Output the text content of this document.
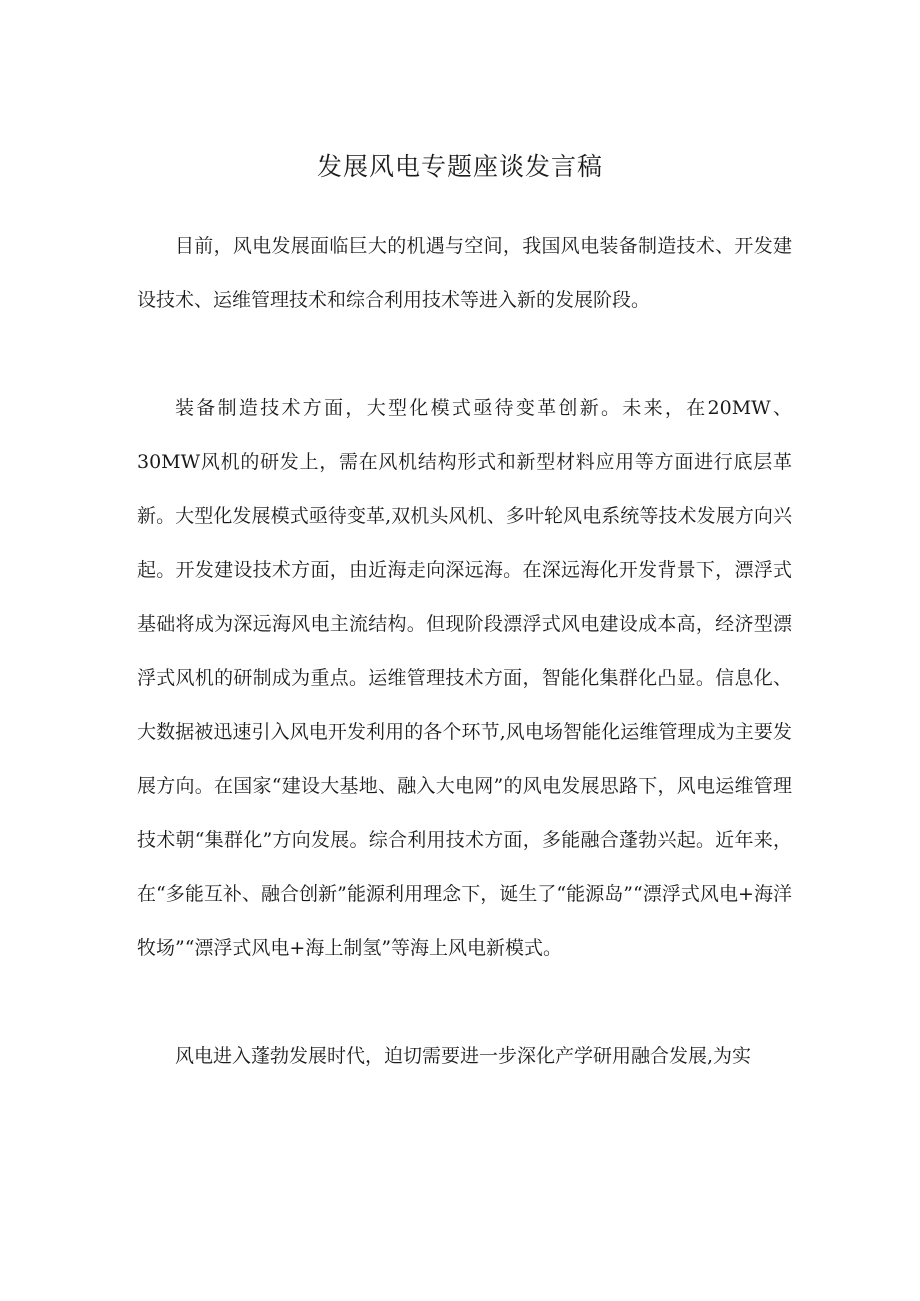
发展风电专题座谈发言稿

目前，风电发展面临巨大的机遇与空间，我国风电装备制造技术、开发建设技术、运维管理技术和综合利用技术等进入新的发展阶段。

装备制造技术方面，大型化模式亟待变革创新。未来，在20MW、30MW风机的研发上，需在风机结构形式和新型材料应用等方面进行底层革新。大型化发展模式亟待变革,双机头风机、多叶轮风电系统等技术发展方向兴起。开发建设技术方面，由近海走向深远海。在深远海化开发背景下，漂浮式基础将成为深远海风电主流结构。但现阶段漂浮式风电建设成本高，经济型漂浮式风机的研制成为重点。运维管理技术方面，智能化集群化凸显。信息化、大数据被迅速引入风电开发利用的各个环节,风电场智能化运维管理成为主要发展方向。在国家“建设大基地、融入大电网”的风电发展思路下，风电运维管理技术朝“集群化”方向发展。综合利用技术方面，多能融合蓬勃兴起。近年来，在“多能互补、融合创新”能源利用理念下，诞生了“能源岛”“漂浮式风电+海洋牧场”“漂浮式风电+海上制氢”等海上风电新模式。

风电进入蓬勃发展时代，迫切需要进一步深化产学研用融合发展,为实
